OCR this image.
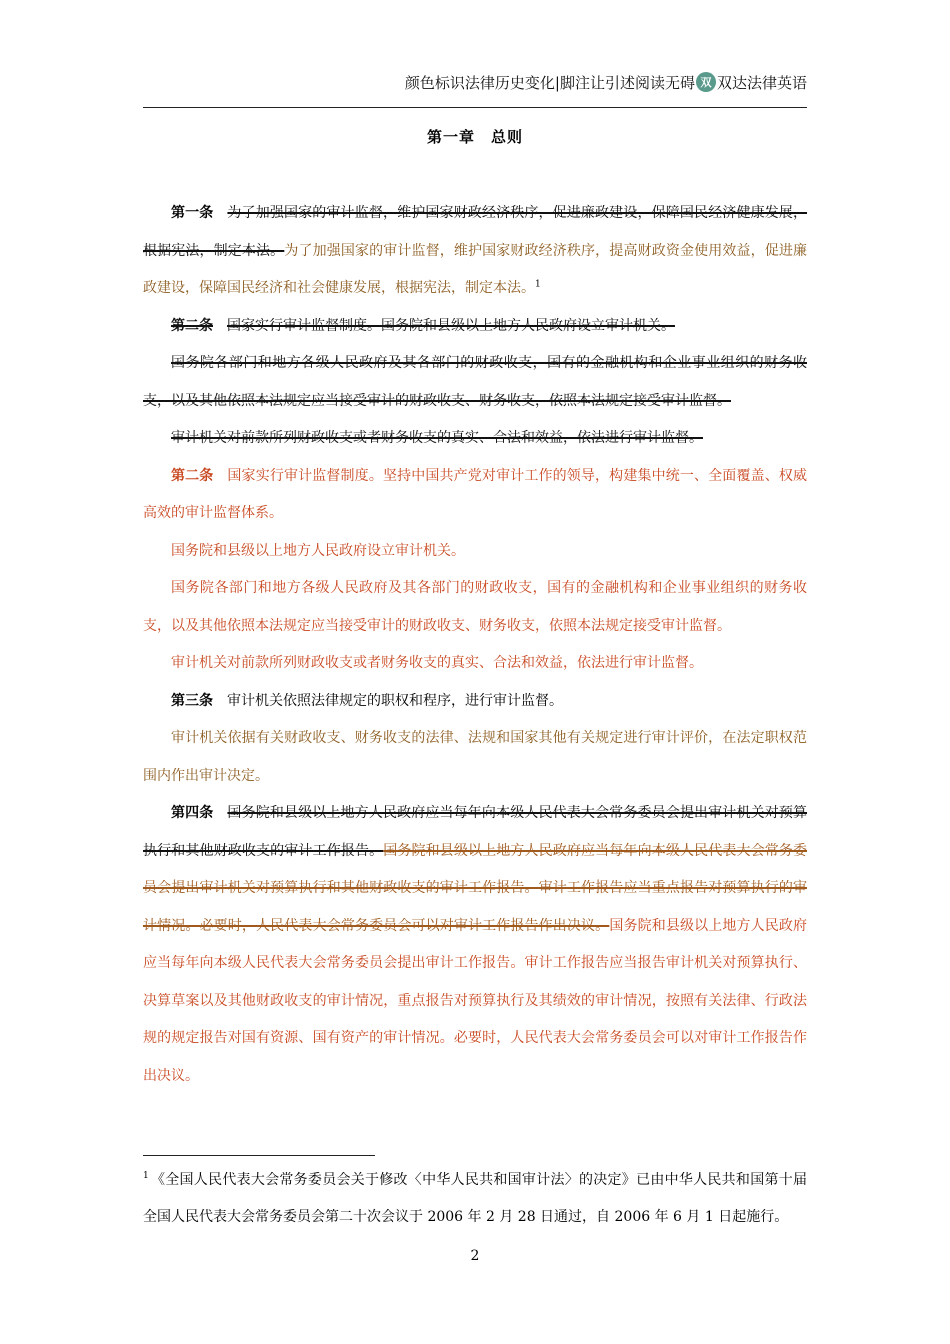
颜色标识法律历史变化|脚注让引述阅读无碍 双 双达法律英语
第一章　总则

第一条 为了加强国家的审计监督，维护国家财政经济秩序，促进廉政建设，保障国民经济健康发展，根据宪法，制定本法。为了加强国家的审计监督，维护国家财政经济秩序，提高财政资金使用效益，促进廉政建设，保障国民经济和社会健康发展，根据宪法，制定本法。$^1$

第二条 国家实行审计监督制度。国务院和县级以上地方人民政府设立审计机关。

国务院各部门和地方各级人民政府及其各部门的财政收支，国有的金融机构和企业事业组织的财务收支，以及其他依照本法规定应当接受审计的财政收支、财务收支，依照本法规定接受审计监督。

审计机关对前款所列财政收支或者财务收支的真实、合法和效益，依法进行审计监督。

第二条 国家实行审计监督制度。坚持中国共产党对审计工作的领导，构建集中统一、全面覆盖、权威高效的审计监督体系。

国务院和县级以上地方人民政府设立审计机关。

国务院各部门和地方各级人民政府及其各部门的财政收支，国有的金融机构和企业事业组织的财务收支，以及其他依照本法规定应当接受审计的财政收支、财务收支，依照本法规定接受审计监督。

审计机关对前款所列财政收支或者财务收支的真实、合法和效益，依法进行审计监督。

第三条 审计机关依照法律规定的职权和程序，进行审计监督。

审计机关依据有关财政收支、财务收支的法律、法规和国家其他有关规定进行审计评价，在法定职权范围内作出审计决定。

第四条 国务院和县级以上地方人民政府应当每年向本级人民代表大会常务委员会提出审计机关对预算执行和其他财政收支的审计工作报告。国务院和县级以上地方人民政府应当每年向本级人民代表大会常务委员会提出审计机关对预算执行和其他财政收支的审计工作报告。审计工作报告应当重点报告对预算执行的审计情况。必要时，人民代表大会常务委员会可以对审计工作报告作出决议。国务院和县级以上地方人民政府应当每年向本级人民代表大会常务委员会提出审计工作报告。审计工作报告应当报告审计机关对预算执行、决算草案以及其他财政收支的审计情况，重点报告对预算执行及其绩效的审计情况，按照有关法律、行政法规的规定报告对国有资源、国有资产的审计情况。必要时，人民代表大会常务委员会可以对审计工作报告作出决议。

$^1$ 《全国人民代表大会常务委员会关于修改〈中华人民共和国审计法〉的决定》已由中华人民共和国第十届全国人民代表大会常务委员会第二十次会议于 2006 年 2 月 28 日通过，自 2006 年 6 月 1 日起施行。
2
